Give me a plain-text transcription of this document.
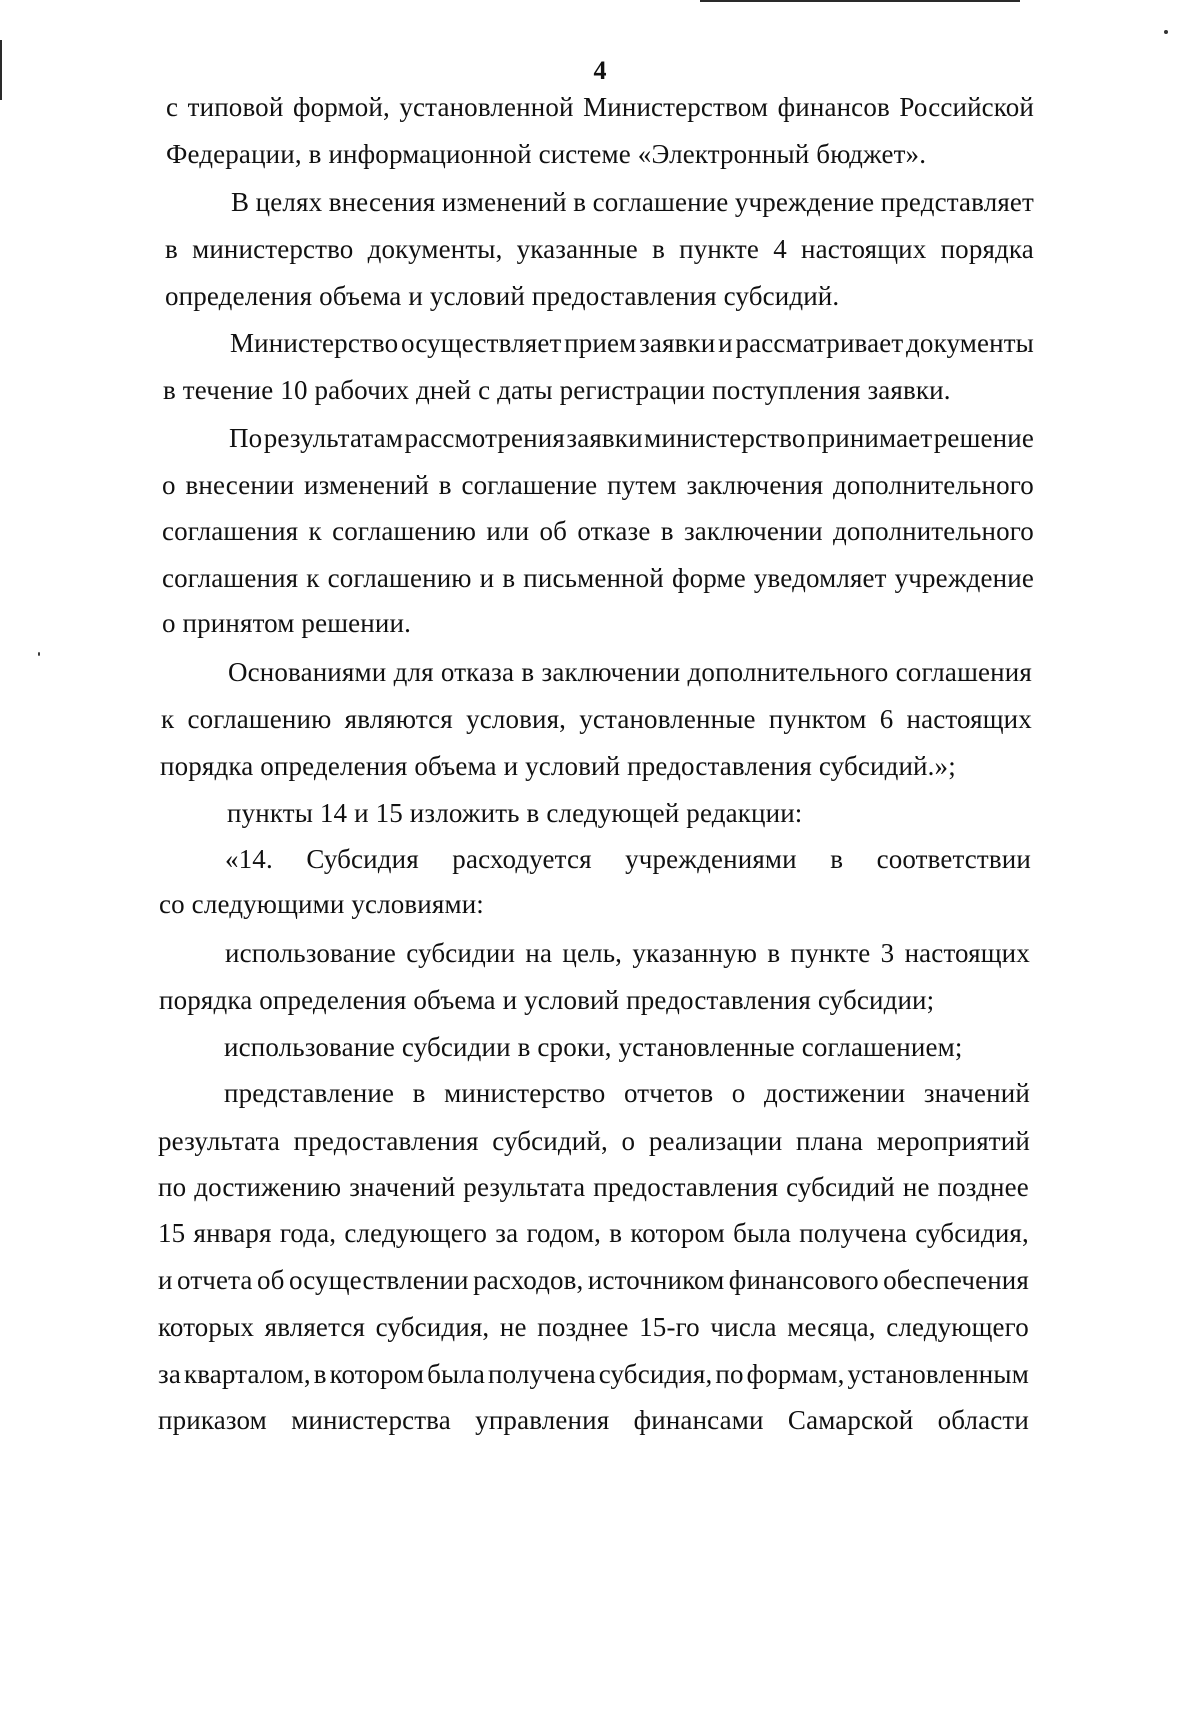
4
с типовой формой, установленной Министерством финансов Российской
Федерации, в информационной системе «Электронный бюджет».
В целях внесения изменений в соглашение учреждение представляет
в министерство документы, указанные в пункте 4 настоящих порядка
определения объема и условий предоставления субсидий.
Министерство осуществляет прием заявки и рассматривает документы
в течение 10 рабочих дней с даты регистрации поступления заявки.
По результатам рассмотрения заявки министерство принимает решение
о внесении изменений в соглашение путем заключения дополнительного
соглашения к соглашению или об отказе в заключении дополнительного
соглашения к соглашению и в письменной форме уведомляет учреждение
о принятом решении.
Основаниями для отказа в заключении дополнительного соглашения
к соглашению являются условия, установленные пунктом 6 настоящих
порядка определения объема и условий предоставления субсидий.»;
пункты 14 и 15 изложить в следующей редакции:
«14. Субсидия расходуется учреждениями в соответствии
со следующими условиями:
использование субсидии на цель, указанную в пункте 3 настоящих
порядка определения объема и условий предоставления субсидии;
использование субсидии в сроки, установленные соглашением;
представление в министерство отчетов о достижении значений
результата предоставления субсидий, о реализации плана мероприятий
по достижению значений результата предоставления субсидий не позднее
15 января года, следующего за годом, в котором была получена субсидия,
и отчета об осуществлении расходов, источником финансового обеспечения
которых является субсидия, не позднее 15-го числа месяца, следующего
за кварталом, в котором была получена субсидия, по формам, установленным
приказом министерства управления финансами Самарской области
